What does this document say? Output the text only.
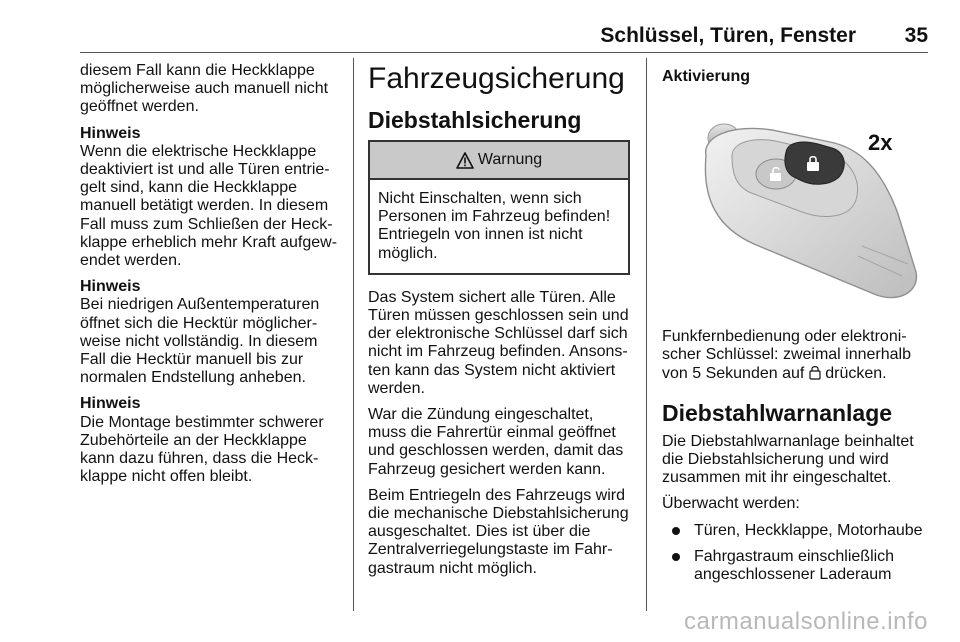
Schlüssel, Türen, Fenster 35

diesem Fall kann die Heckklappe
möglicherweise auch manuell nicht
geöffnet werden.

Hinweis

Wenn die elektrische Heckklappe
deaktiviert ist und alle Türen entrie-
gelt sind, kann die Heckklappe
manuell betätigt werden. In diesem
Fall muss zum Schließen der Heck-
klappe erheblich mehr Kraft aufgew-
endet werden.

Hinweis

Bei niedrigen Außentemperaturen
öffnet sich die Hecktür möglicher-
weise nicht vollständig. In diesem
Fall die Hecktür manuell bis zur
normalen Endstellung anheben.

Hinweis

Die Montage bestimmter schwerer
Zubehörteile an der Heckklappe
kann dazu führen, dass die Heck-
klappe nicht offen bleibt.

Fahrzeugsicherung
Diebstahlsicherung
Warnung
Nicht Einschalten, wenn sich
Personen im Fahrzeug befinden!
Entriegeln von innen ist nicht
möglich.

Das System sichert alle Türen. Alle
Türen müssen geschlossen sein und
der elektronische Schlüssel darf sich
nicht im Fahrzeug befinden. Ansons-
ten kann das System nicht aktiviert
werden.

War die Zündung eingeschaltet,
muss die Fahrertür einmal geöffnet
und geschlossen werden, damit das
Fahrzeug gesichert werden kann.

Beim Entriegeln des Fahrzeugs wird
die mechanische Diebstahlsicherung
ausgeschaltet. Dies ist über die
Zentralverriegelungstaste im Fahr-
gastraum nicht möglich.

Aktivierung

2x

Funkfernbedienung oder elektroni-
scher Schlüssel: zweimal innerhalb
von 5 Sekunden auf  drücken.

Diebstahlwarnanlage

Die Diebstahlwarnanlage beinhaltet
die Diebstahlsicherung und wird
zusammen mit ihr eingeschaltet.

Überwacht werden:

Türen, Heckklappe, Motorhaube
Fahrgastraum einschließlich
angeschlossener Laderaum
carmanualsonline.info
